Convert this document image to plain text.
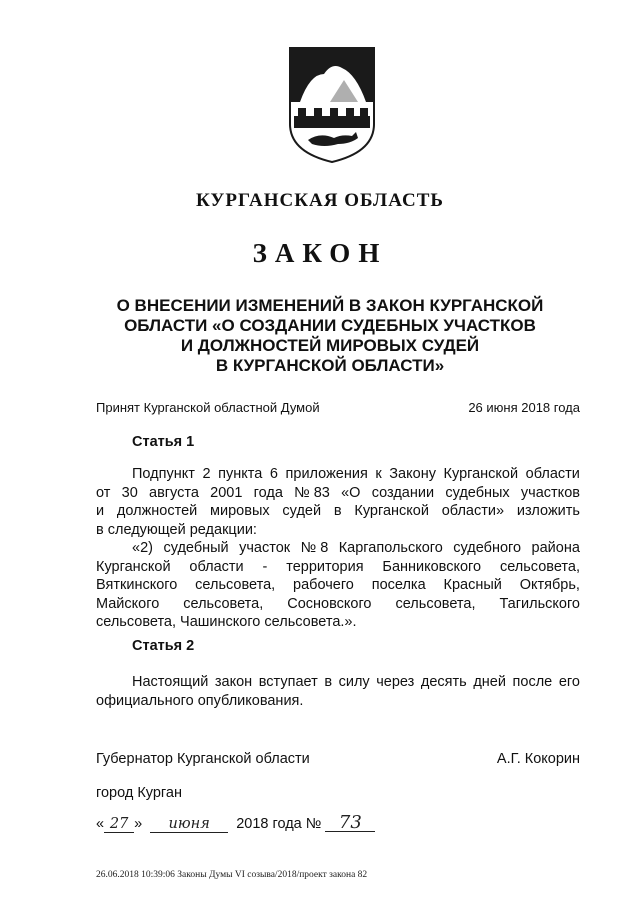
КУРГАНСКАЯ ОБЛАСТЬ
ЗАКОН
О ВНЕСЕНИИ ИЗМЕНЕНИЙ В ЗАКОН КУРГАНСКОЙ
ОБЛАСТИ «О СОЗДАНИИ СУДЕБНЫХ УЧАСТКОВ
И ДОЛЖНОСТЕЙ МИРОВЫХ СУДЕЙ
В КУРГАНСКОЙ ОБЛАСТИ»
Принят Курганской областной Думой	26 июня 2018 года
Статья 1
Подпункт 2 пункта 6 приложения к Закону Курганской области
от 30 августа 2001 года № 83 «О создании судебных участков
и должностей мировых судей в Курганской области» изложить
в следующей редакции:
«2) судебный участок № 8 Каргапольского судебного района
Курганской области - территория Банниковского сельсовета,
Вяткинского сельсовета, рабочего поселка Красный Октябрь,
Майского сельсовета, Сосновского сельсовета, Тагильского
сельсовета, Чашинского сельсовета.».
Статья 2
Настоящий закон вступает в силу через десять дней после его
официального опубликования.
Губернатор Курганской области	А.Г. Кокорин
город Курган
« 27 » июня 2018 года № 73
26.06.2018 10:39:06 Законы Думы VI созыва/2018/проект закона 82
